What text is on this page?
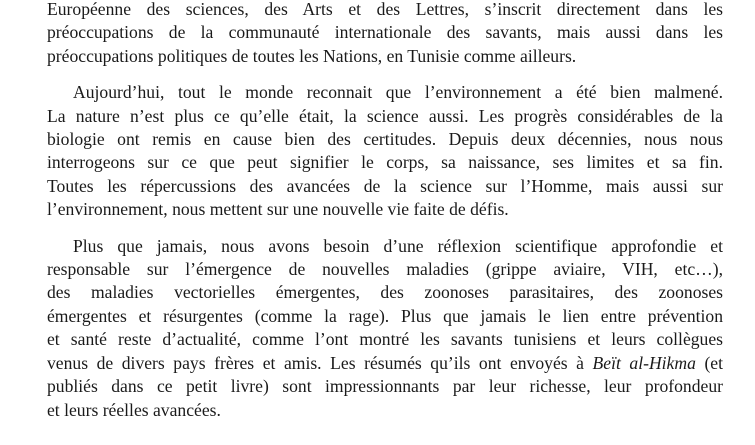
Européenne des sciences, des Arts et des Lettres, s’inscrit directement dans les
préoccupations de la communauté internationale des savants, mais aussi dans les
préoccupations politiques de toutes les Nations, en Tunisie comme ailleurs.

Aujourd’hui, tout le monde reconnait que l’environnement a été bien malmené.
La nature n’est plus ce qu’elle était, la science aussi. Les progrès considérables de la
biologie ont remis en cause bien des certitudes. Depuis deux décennies, nous nous
interrogeons sur ce que peut signifier le corps, sa naissance, ses limites et sa fin.
Toutes les répercussions des avancées de la science sur l’Homme, mais aussi sur
l’environnement, nous mettent sur une nouvelle vie faite de défis.

Plus que jamais, nous avons besoin d’une réflexion scientifique approfondie et
responsable sur l’émergence de nouvelles maladies (grippe aviaire, VIH, etc…),
des maladies vectorielles émergentes, des zoonoses parasitaires, des zoonoses
émergentes et résurgentes (comme la rage). Plus que jamais le lien entre prévention
et santé reste d’actualité, comme l’ont montré les savants tunisiens et leurs collègues
venus de divers pays frères et amis. Les résumés qu’ils ont envoyés à Beït al-Hikma (et
publiés dans ce petit livre) sont impressionnants par leur richesse, leur profondeur
et leurs réelles avancées.
